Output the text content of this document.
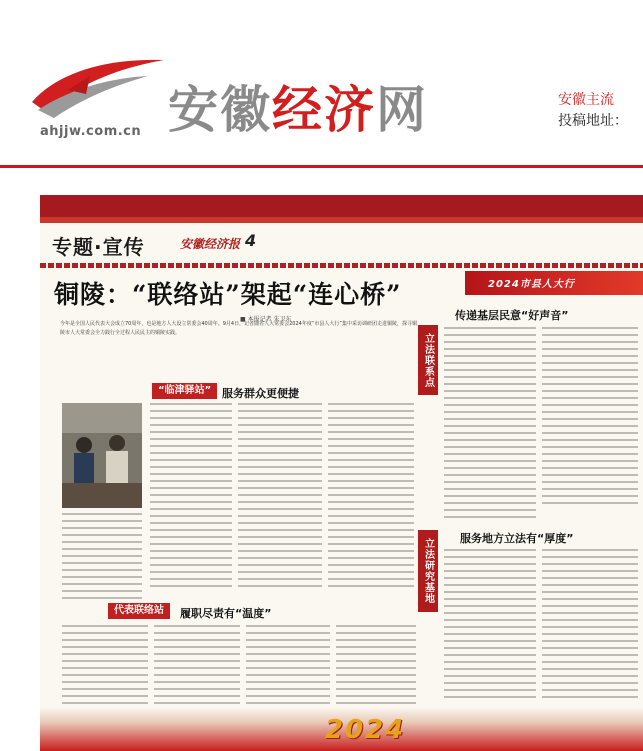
安徽经济网
ahjjw.com.cn
安徽主流
投稿地址：
专题·宣传	安徽经济报 4
铜陵：“联络站”架起“连心桥”	2024市县人大行
■ 本报记者 朱卫东
今年是全国人民代表大会成立70周年，也是地方人大设立常委会40周年。9月4日，记者随省人大常委会2024年度“市县人大行”集中采访调研团走进铜陵，探寻铜陵市人大常委会全力践行全过程人民民主的铜陵实践。	立法联系点
传递基层民意“好声音”
立法研究基地	服务地方立法有“厚度”
“临津驿站” 服务群众更便捷
代表联络站	履职尽责有“温度”
2024
